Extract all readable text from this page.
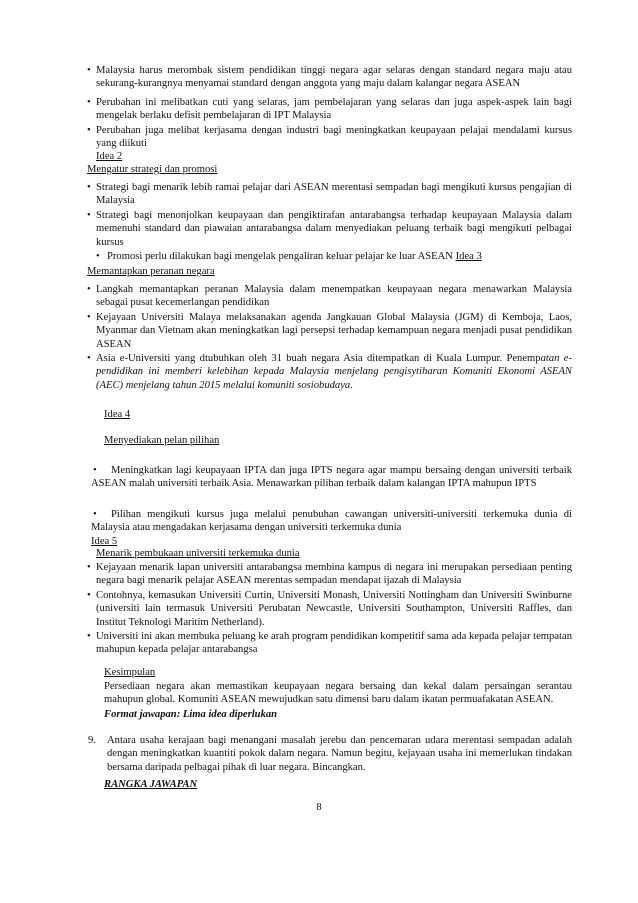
• Malaysia harus merombak sistem pendidikan tinggi negara agar selaras dengan standard negara maju atau sekurang-kurangnya menyamai standard dengan anggota yang maju dalam kalangar negara ASEAN
• Perubahan ini melibatkan cuti yang selaras, jam pembelajaran yang selaras dan juga aspek-aspek lain bagi mengelak berlaku defisit pembelajaran di IPT Malaysia
• Perubahan juga melibat kerjasama dengan industri bagi meningkatkan keupayaan pelajai mendalami kursus yang diikuti
Idea 2
Mengatur strategi dan promosi
• Strategi bagi menarik lebih ramai pelajar dari ASEAN merentasi sempadan bagi mengikuti kursus pengajian di Malaysia
• Strategi bagi menonjolkan keupayaan dan pengiktirafan antarabangsa terhadap keupayaan Malaysia dalam memenuhi standard dan piawaian antarabangsa dalam menyediakan peluang terbaik bagi mengikuti pelbagai kursus
• Promosi perlu dilakukan bagi mengelak pengaliran keluar pelajar ke luar ASEAN Idea 3
Memantapkan peranan negara
• Langkah memantapkan peranan Malaysia dalam menempatkan keupayaan negara menawarkan Malaysia sebagai pusat kecemerlangan pendidikan
• Kejayaan Universiti Malaya melaksanakan agenda Jangkauan Global Malaysia (JGM) di Kemboja, Laos, Myanmar dan Vietnam akan meningkatkan lagi persepsi terhadap kemampuan negara menjadi pusat pendidikan ASEAN
• Asia e-Universiti yang dtubuhkan oleh 31 buah negara Asia ditempatkan di Kuala Lumpur. Penempatan e-pendidikan ini memberi kelebihan kepada Malaysia menjelang pengisytiharan Komuniti Ekonomi ASEAN (AEC) menjelang tahun 2015 melalui komuniti sosiobudaya.
Idea 4
Menyediakan pelan pilihan
•	Meningkatkan lagi keupayaan IPTA dan juga IPTS negara agar mampu bersaing dengan universiti terbaik ASEAN malah universiti terbaik Asia. Menawarkan pilihan terbaik dalam kalangan IPTA mahupun IPTS
•	Pilihan mengikuti kursus juga melalui penubuhan cawangan universiti-universiti terkemuka dunia di Malaysia atau mengadakan kerjasama dengan universiti terkemuka dunia
Idea 5
Menarik pembukaan universiti terkemuka dunia
• Kejayaan menarik lapan universiti antarabangsa membina kampus di negara ini merupakan persediaan penting negara bagi menarik pelajar ASEAN merentas sempadan mendapat ijazah di Malaysia
• Contohnya, kemasukan Universiti Curtin, Universiti Monash, Universiti Nottingham dan Universiti Swinburne (universiti lain termasuk Universiti Perubatan Newcastle, Universiti Southampton, Universiti Raffles, dan Institut Teknologi Maritim Netherland).
• Universiti ini akan membuka peluang ke arah program pendidikan kompetitif sama ada kepada pelajar tempatan mahupun kepada pelajar antarabangsa
Kesimpulan
Persediaan negara akan memastikan keupayaan negara bersaing dan kekal dalam persaingan serantau mahupun global. Komuniti ASEAN mewujudkan satu dimensi baru dalam ikatan permuafakatan ASEAN.
Format jawapan: Lima idea diperlukan
9. Antara usaha kerajaan bagi menangani masalah jerebu dan pencemaran udara merentasi sempadan adalah dengan meningkatkan kuantiti pokok dalam negara. Namun begitu, kejayaan usaha ini memerlukan tindakan bersama daripada pelbagai pihak di luar negara. Bincangkan.
RANGKA JAWAPAN
8
